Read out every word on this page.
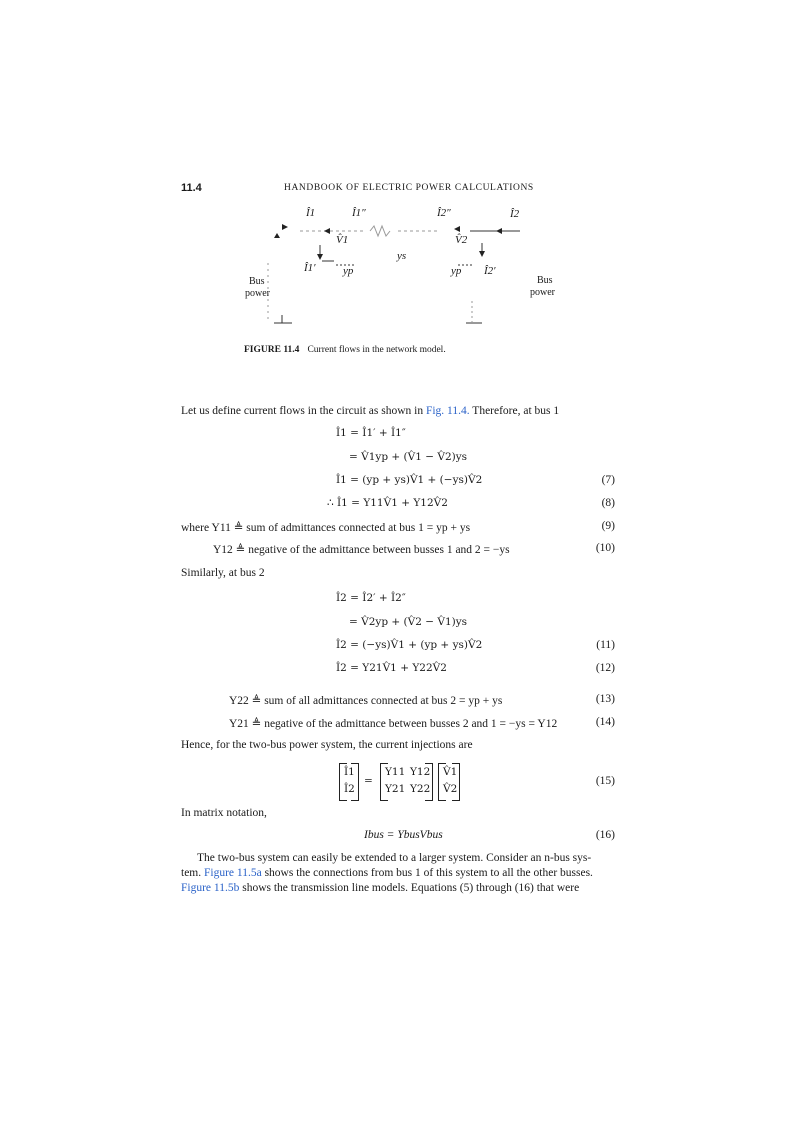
11.4	HANDBOOK OF ELECTRIC POWER CALCULATIONS
Î1	Î1″
V̂1
Î1′ yp
ys
Î2″	Î2
V̂2
yp Î2′
Bus
power
Bus
power
FIGURE 11.4 Current flows in the network model.
Let us define current flows in the circuit as shown in Fig. 11.4. Therefore, at bus 1
Î1 = Î1′ + Î1″
= V̂1yp + (V̂1 − V̂2)ys
Î1 = (yp + ys)V̂1 + (−ys)V̂2	(7)
∴ Î1 = Y11V̂1 + Y12V̂2	(8)
where Y11 ≜ sum of admittances connected at bus 1 = yp + ys	(9)
Y12 ≜ negative of the admittance between busses 1 and 2 = −ys	(10)
Similarly, at bus 2
Î2 = Î2′ + Î2″
= V̂2yp + (V̂2 − V̂1)ys
Î2 = (−ys)V̂1 + (yp + ys)V̂2	(11)
Î2 = Y21V̂1 + Y22V̂2	(12)
Y22 ≜ sum of all admittances connected at bus 2 = yp + ys	(13)
Y21 ≜ negative of the admittance between busses 2 and 1 = −ys = Y12	(14)
Hence, for the two-bus power system, the current injections are
Î1
Î2
=
Y11 Y12
Y21 Y22
V̂1
V̂2
(15)
In matrix notation,
Ibus = YbusVbus	(16)
The two-bus system can easily be extended to a larger system. Consider an n-bus sys-
tem. Figure 11.5a shows the connections from bus 1 of this system to all the other busses.
Figure 11.5b shows the transmission line models. Equations (5) through (16) that were
